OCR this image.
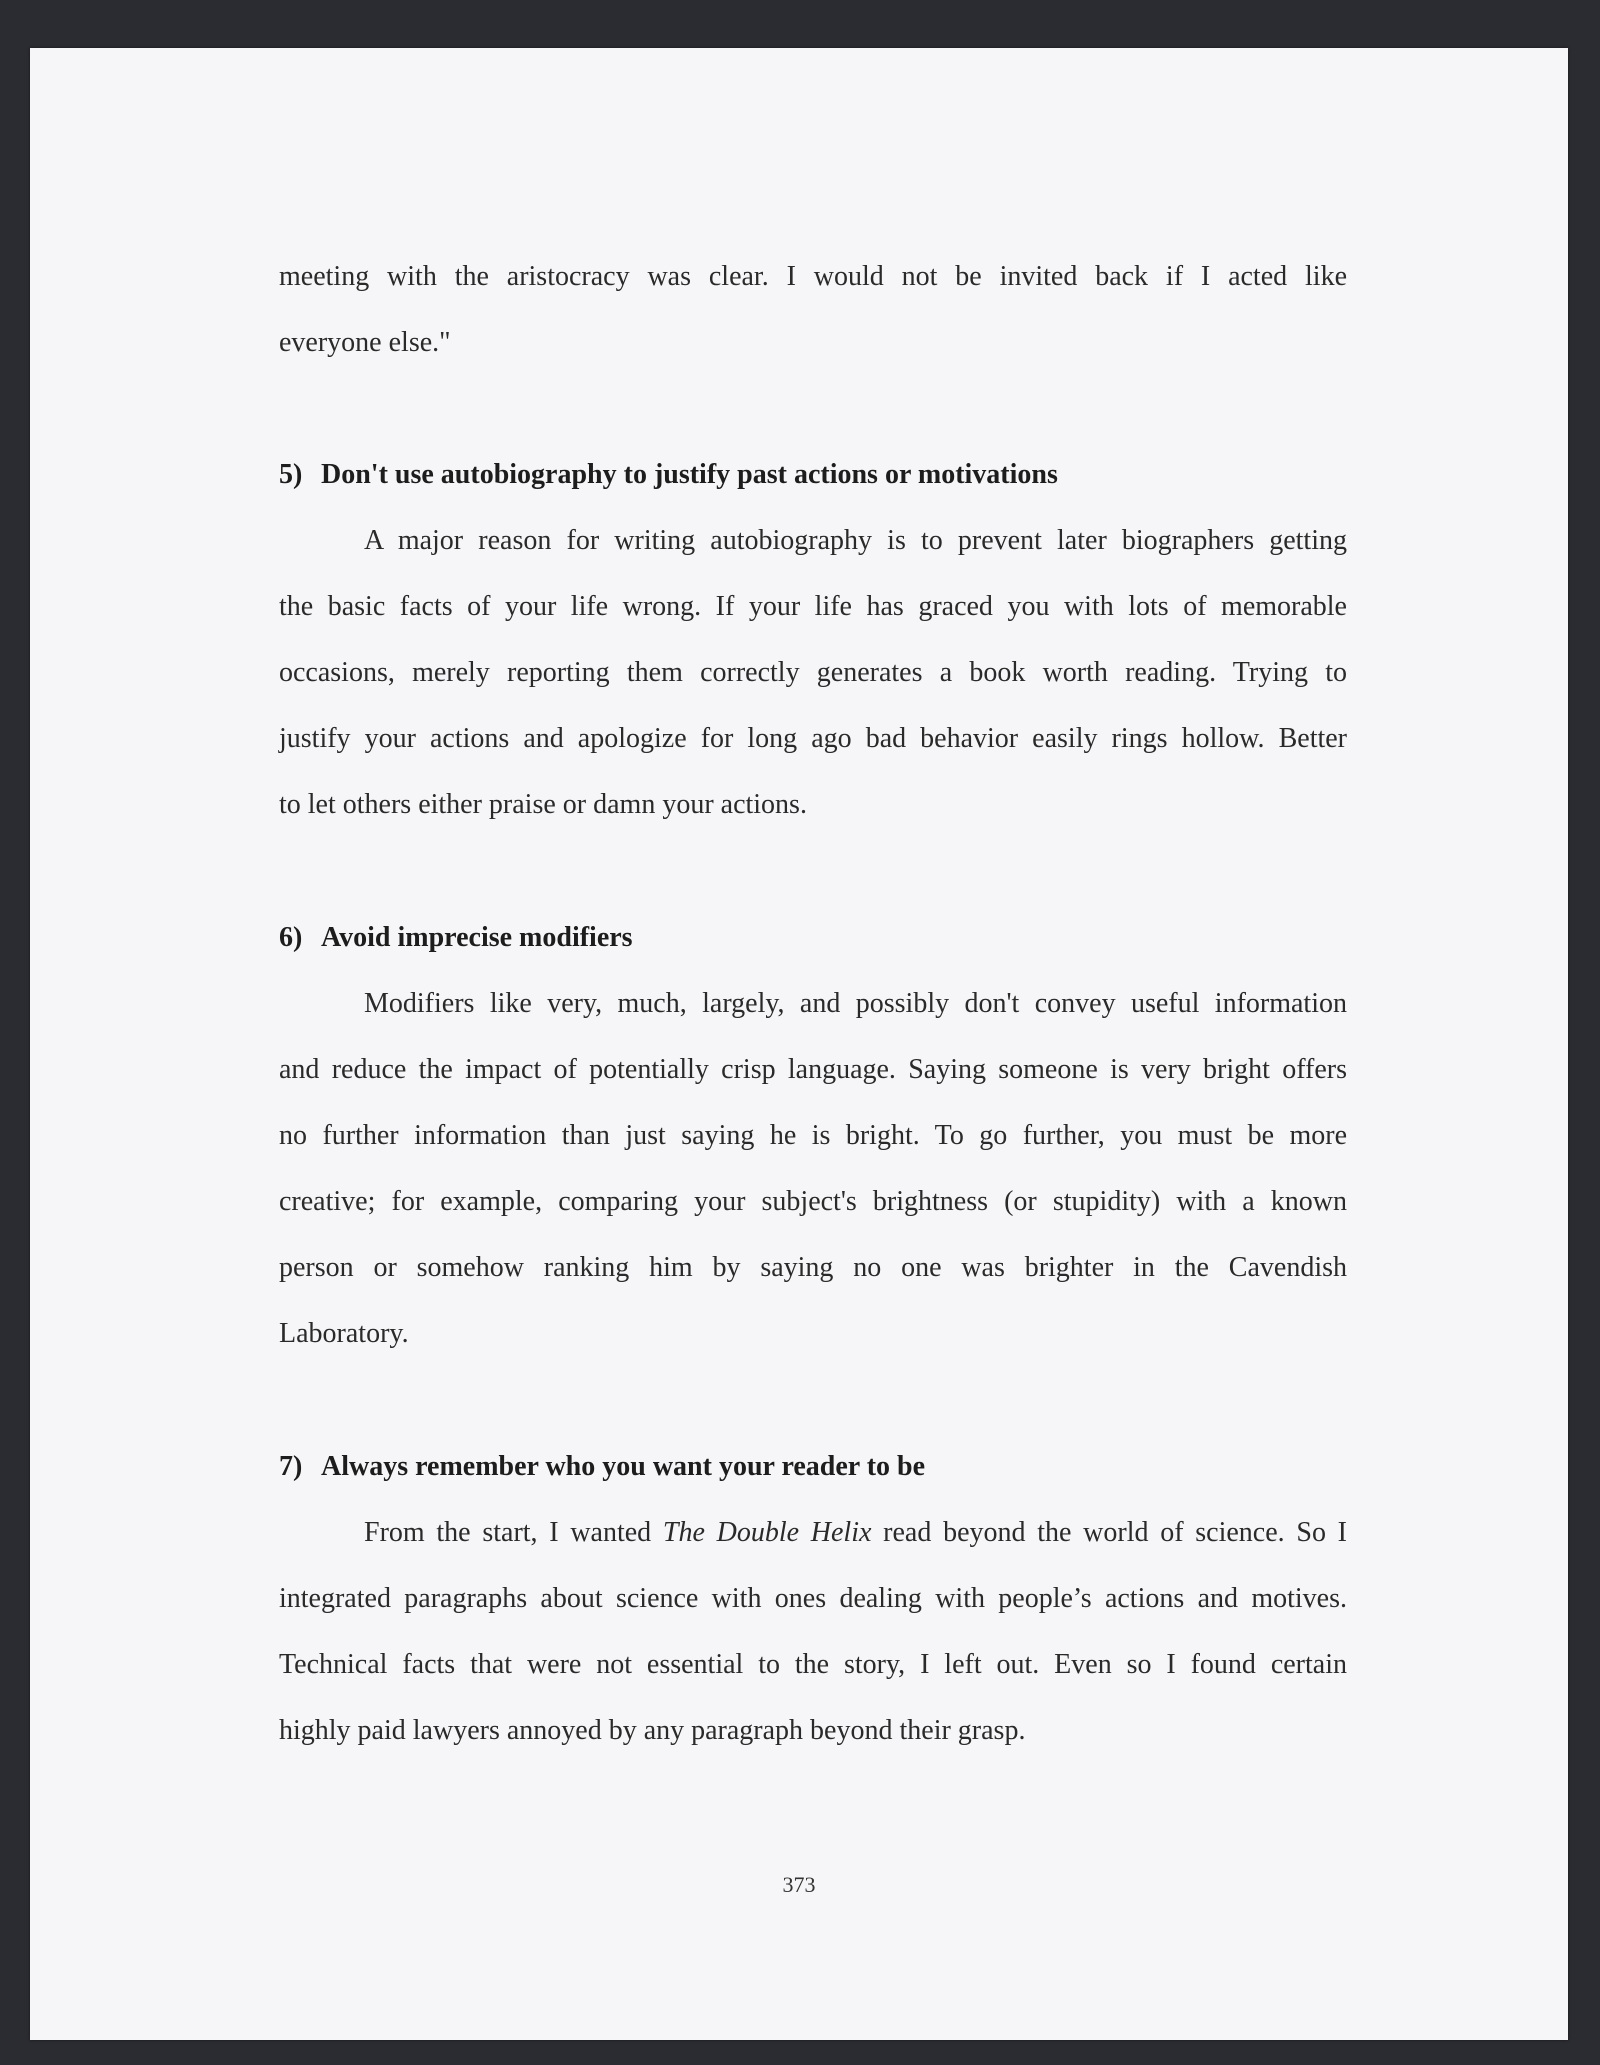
meeting with the aristocracy was clear. I would not be invited back if I acted like
everyone else."
5) Don't use autobiography to justify past actions or motivations
A major reason for writing autobiography is to prevent later biographers getting
the basic facts of your life wrong. If your life has graced you with lots of memorable
occasions, merely reporting them correctly generates a book worth reading. Trying to
justify your actions and apologize for long ago bad behavior easily rings hollow. Better
to let others either praise or damn your actions.
6) Avoid imprecise modifiers
Modifiers like very, much, largely, and possibly don't convey useful information
and reduce the impact of potentially crisp language. Saying someone is very bright offers
no further information than just saying he is bright. To go further, you must be more
creative; for example, comparing your subject's brightness (or stupidity) with a known
person or somehow ranking him by saying no one was brighter in the Cavendish
Laboratory.
7) Always remember who you want your reader to be
From the start, I wanted The Double Helix read beyond the world of science. So I
integrated paragraphs about science with ones dealing with people’s actions and motives.
Technical facts that were not essential to the story, I left out. Even so I found certain
highly paid lawyers annoyed by any paragraph beyond their grasp.
373
